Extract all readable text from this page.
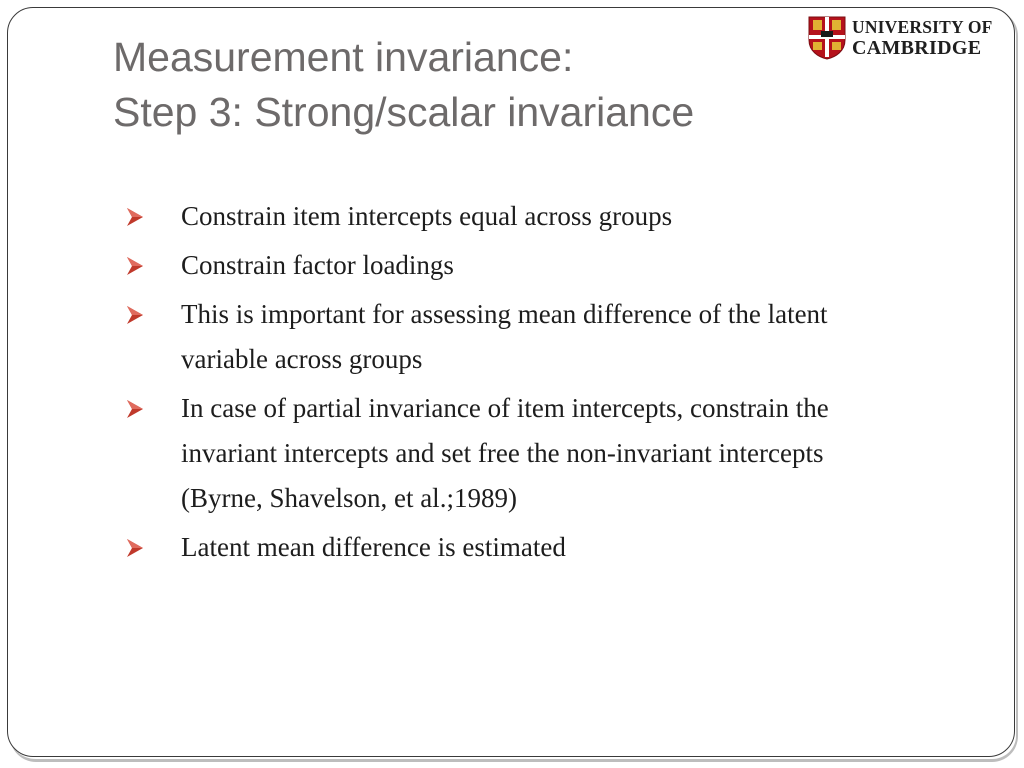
Measurement invariance:
Step 3: Strong/scalar invariance
UNIVERSITY OF
CAMBRIDGE
Constrain item intercepts equal across groups
Constrain factor loadings
This is important for assessing mean difference of the latent
variable across groups
In case of partial invariance of item intercepts, constrain the
invariant intercepts and set free the non-invariant intercepts
(Byrne, Shavelson, et al.;1989)
Latent mean difference is estimated
